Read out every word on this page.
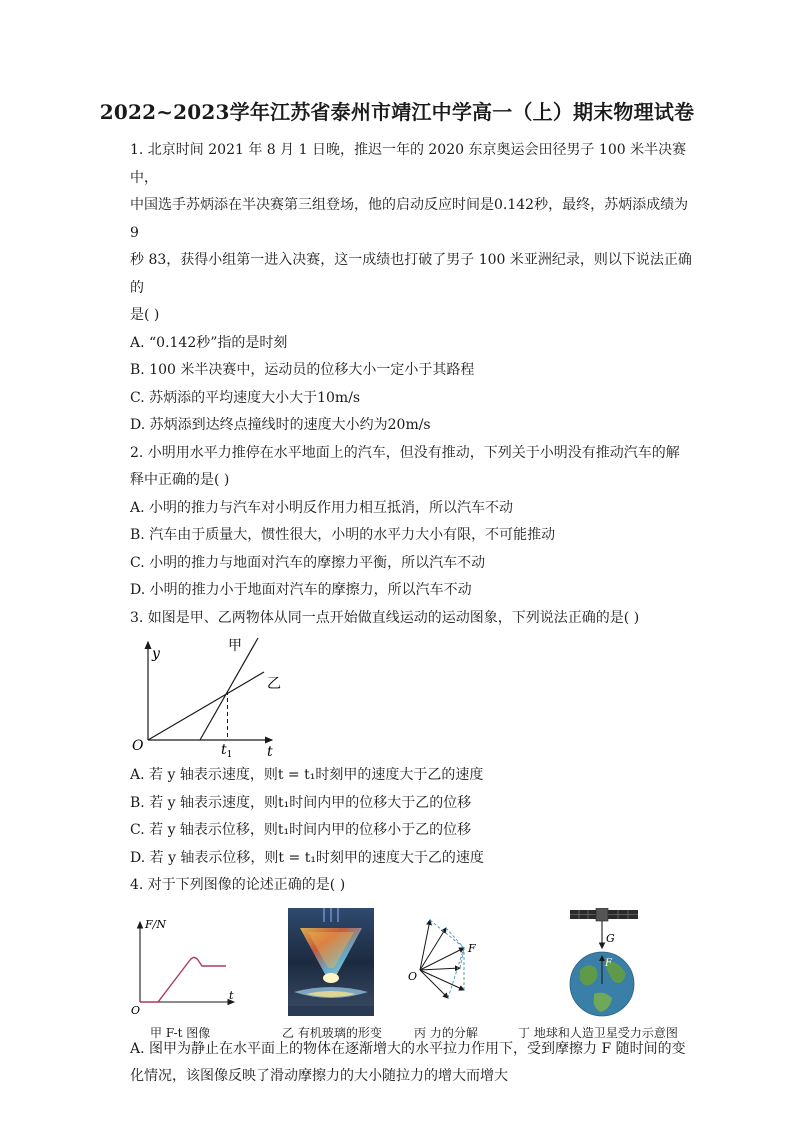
2022~2023学年江苏省泰州市靖江中学高一（上）期末物理试卷

1. 北京时间 2021 年 8 月 1 日晚，推迟一年的 2020 东京奥运会田径男子 100 米半决赛中，

中国选手苏炳添在半决赛第三组登场，他的启动反应时间是0.142秒，最终，苏炳添成绩为 9

秒 83，获得小组第一进入决赛，这一成绩也打破了男子 100 米亚洲纪录，则以下说法正确的

是( )

A. “0.142秒”指的是时刻

B. 100 米半决赛中，运动员的位移大小一定小于其路程

C. 苏炳添的平均速度大小大于10m/s

D. 苏炳添到达终点撞线时的速度大小约为20m/s

2. 小明用水平力推停在水平地面上的汽车，但没有推动，下列关于小明没有推动汽车的解

释中正确的是( )

A. 小明的推力与汽车对小明反作用力相互抵消，所以汽车不动

B. 汽车由于质量大，惯性很大，小明的水平力大小有限，不可能推动

C. 小明的推力与地面对汽车的摩擦力平衡，所以汽车不动

D. 小明的推力小于地面对汽车的摩擦力，所以汽车不动

3. 如图是甲、乙两物体从同一点开始做直线运动的运动图象，下列说法正确的是( )

y
t
O
甲
乙
$t_1$

A. 若 y 轴表示速度，则t = t₁时刻甲的速度大于乙的速度

B. 若 y 轴表示速度，则t₁时间内甲的位移大于乙的位移

C. 若 y 轴表示位移，则t₁时间内甲的位移小于乙的位移

D. 若 y 轴表示位移，则t = t₁时刻甲的速度大于乙的速度

4. 对于下列图像的论述正确的是( )

F/N
t
O
甲 F-t 图像	乙 有机玻璃的形变
F
O
丙 力的分解
G
F
丁 地球和人造卫星受力示意图

A. 图甲为静止在水平面上的物体在逐渐增大的水平拉力作用下，受到摩擦力 F 随时间的变

化情况，该图像反映了滑动摩擦力的大小随拉力的增大而增大
